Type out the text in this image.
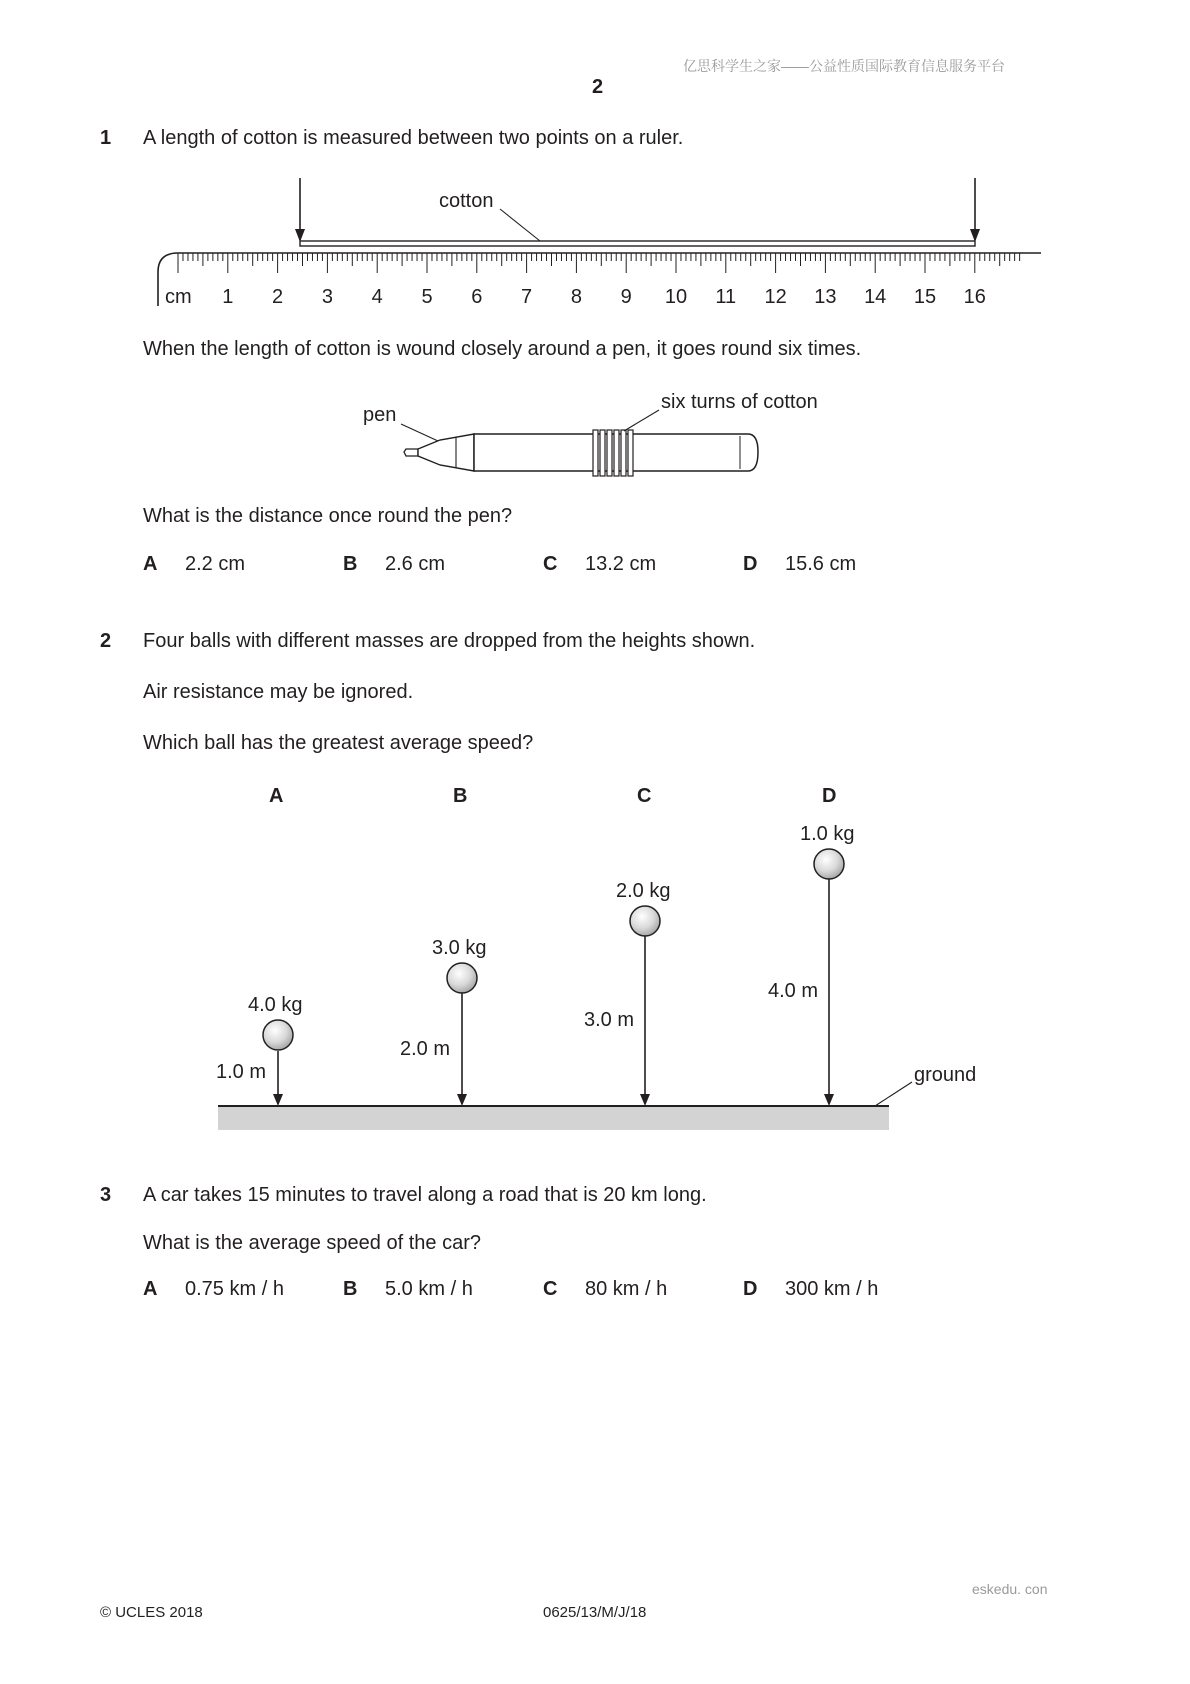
亿思科学生之家——公益性质国际教育信息服务平台
2
1 A length of cotton is measured between two points on a ruler.
cotton
cm 1 2 3 4 5 6 7 8 9 10 11 12 13 14 15 16
When the length of cotton is wound closely around a pen, it goes round six times.
pen
six turns of cotton
What is the distance once round the pen?
A 2.2 cm	B 2.6 cm	C 13.2 cm	D 15.6 cm
2 Four balls with different masses are dropped from the heights shown.
Air resistance may be ignored.
Which ball has the greatest average speed?
A	B	C	D
ground
4.0 kg
1.0 m
3.0 kg
2.0 m
2.0 kg
3.0 m
1.0 kg
4.0 m
3 A car takes 15 minutes to travel along a road that is 20 km long.
What is the average speed of the car?
A 0.75 km / h	B 5.0 km / h	C 80 km / h	D 300 km / h
eskedu. con
© UCLES 2018	0625/13/M/J/18
